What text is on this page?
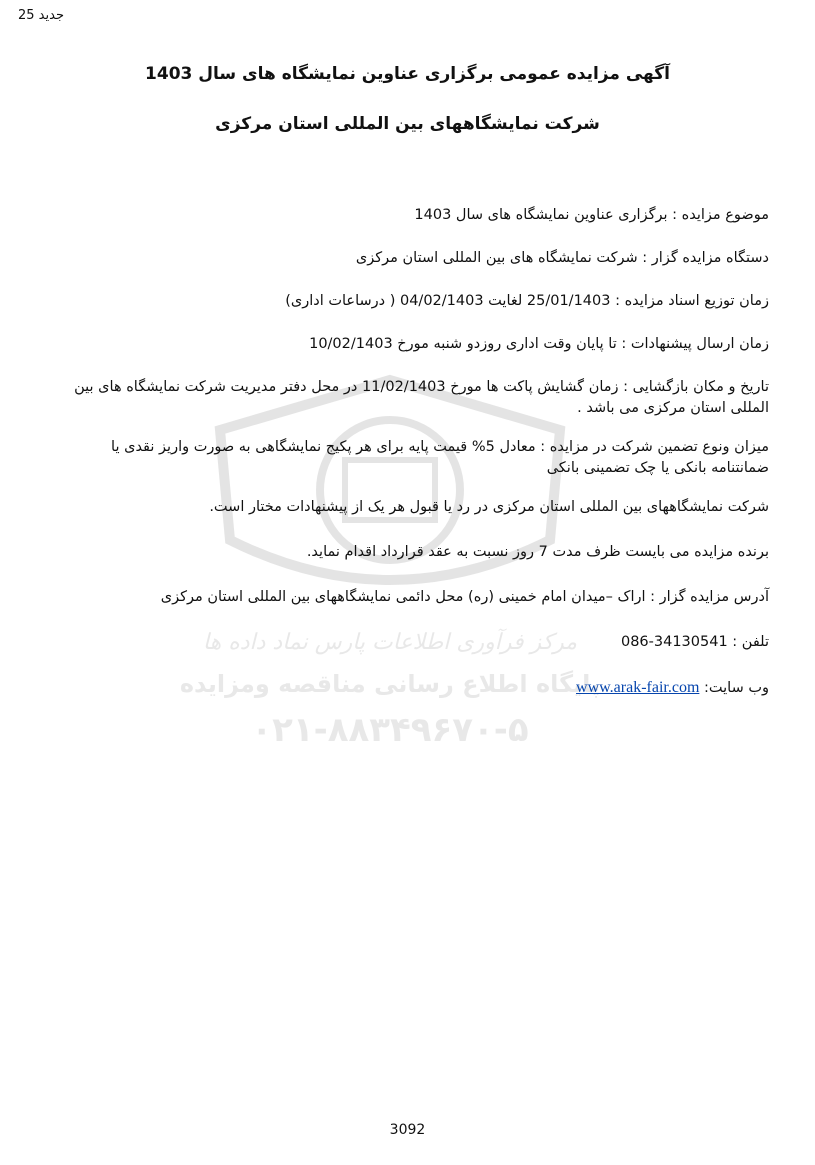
مرکز فرآوری اطلاعات پارس نماد داده ها
پایگاه اطلاع رسانی مناقصه ومزایده
۰۲۱-۸۸۳۴۹۶۷۰-۵
جدید 25
آگهی مزایده عمومی برگزاری عناوین نمایشگاه های سال 1403
شرکت نمایشگاههای بین المللی استان مرکزی

موضوع مزایده : برگزاری عناوین نمایشگاه های سال 1403

دستگاه مزایده گزار : شرکت نمایشگاه های بین المللی استان مرکزی

زمان توزیع اسناد مزایده : 25/01/1403 لغایت 04/02/1403 ( درساعات اداری)

زمان ارسال پیشنهادات : تا پایان وقت اداری روزدو شنبه مورخ 10/02/1403

تاریخ و مکان بازگشایی : زمان گشایش پاکت ها مورخ 11/02/1403 در محل دفتر مدیریت شرکت نمایشگاه های بین المللی استان مرکزی می باشد .

میزان ونوع تضمین شرکت در مزایده : معادل 5% قیمت پایه برای هر پکیج نمایشگاهی به صورت واریز نقدی یا ضمانتنامه بانکی یا چک تضمینی بانکی

شرکت نمایشگاههای بین المللی استان مرکزی در رد یا قبول هر یک از پیشنهادات مختار است.

برنده مزایده می بایست ظرف مدت 7 روز نسبت به عقد قرارداد اقدام نماید.

آدرس مزایده گزار : اراک –میدان امام خمینی (ره) محل دائمی نمایشگاههای بین المللی استان مرکزی

تلفن : 086-34130541

وب سایت: www.arak-fair.com

3092
